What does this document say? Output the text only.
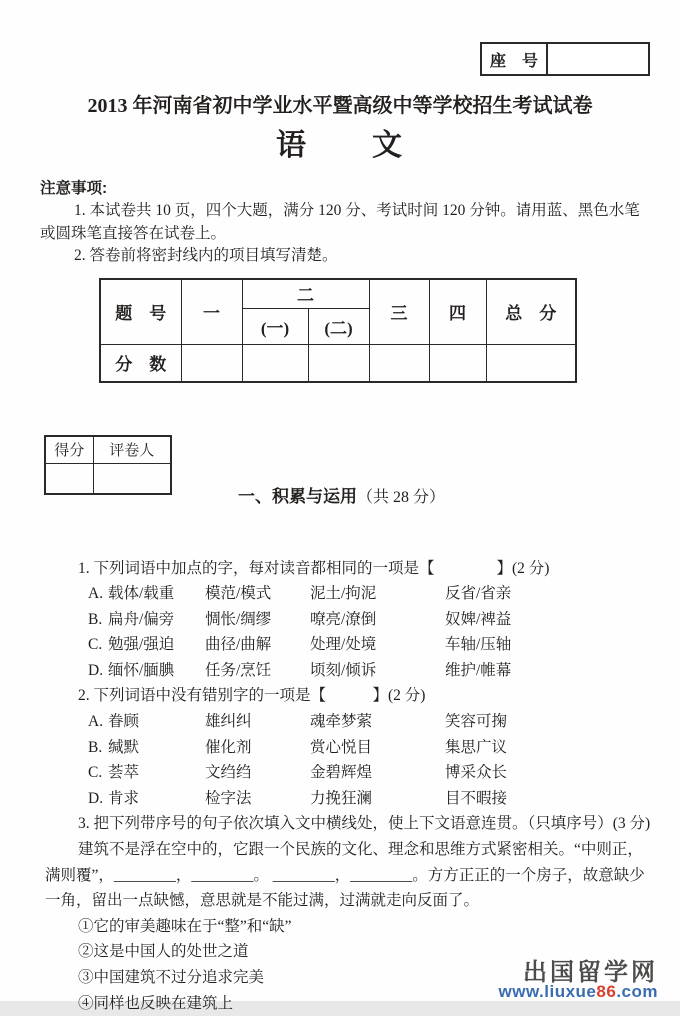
座　号
2013 年河南省初中学业水平暨高级中等学校招生考试试卷
语　　文
注意事项:
1. 本试卷共 10 页，四个大题，满分 120 分、考试时间 120 分钟。请用蓝、黑色水笔
或圆珠笔直接答在试卷上。
2. 答卷前将密封线内的项目填写清楚。
题　号	一	二		三	四	总　分
		(一)	(二)			
分　数						
得分	评卷人

一、积累与运用（共 28 分）

1. 下列词语中加点的字，每对读音都相同的一项是【　　　　】(2 分)
A. 载体/载重	模范/模式	泥土/拘泥	反省/省亲
B. 扁舟/偏旁	惆怅/绸缪	嘹亮/潦倒	奴婢/裨益
C. 勉强/强迫	曲径/曲解	处理/处境	车轴/压轴
D. 缅怀/腼腆	任务/烹饪	顷刻/倾诉	维护/帷幕
2. 下列词语中没有错别字的一项是【　　　】(2 分)
A. 眷顾	雄纠纠	魂牵梦萦	笑容可掬
B. 缄默	催化剂	赏心悦目	集思广议
C. 荟萃	文绉绉	金碧辉煌	博采众长
D. 肯求	检字法	力挽狂澜	目不暇接
3. 把下列带序号的句子依次填入文中横线处，使上下文语意连贯。（只填序号）(3 分)
建筑不是浮在空中的，它跟一个民族的文化、理念和思维方式紧密相关。“中则正，
满则覆”，________，________。 ________，________。方方正正的一个房子，故意缺少
一角，留出一点缺憾，意思就是不能过满，过满就走向反面了。
①它的审美趣味在于“整”和“缺”
②这是中国人的处世之道
③中国建筑不过分追求完美
④同样也反映在建筑上
出国留学网
www.liuxue86.com
